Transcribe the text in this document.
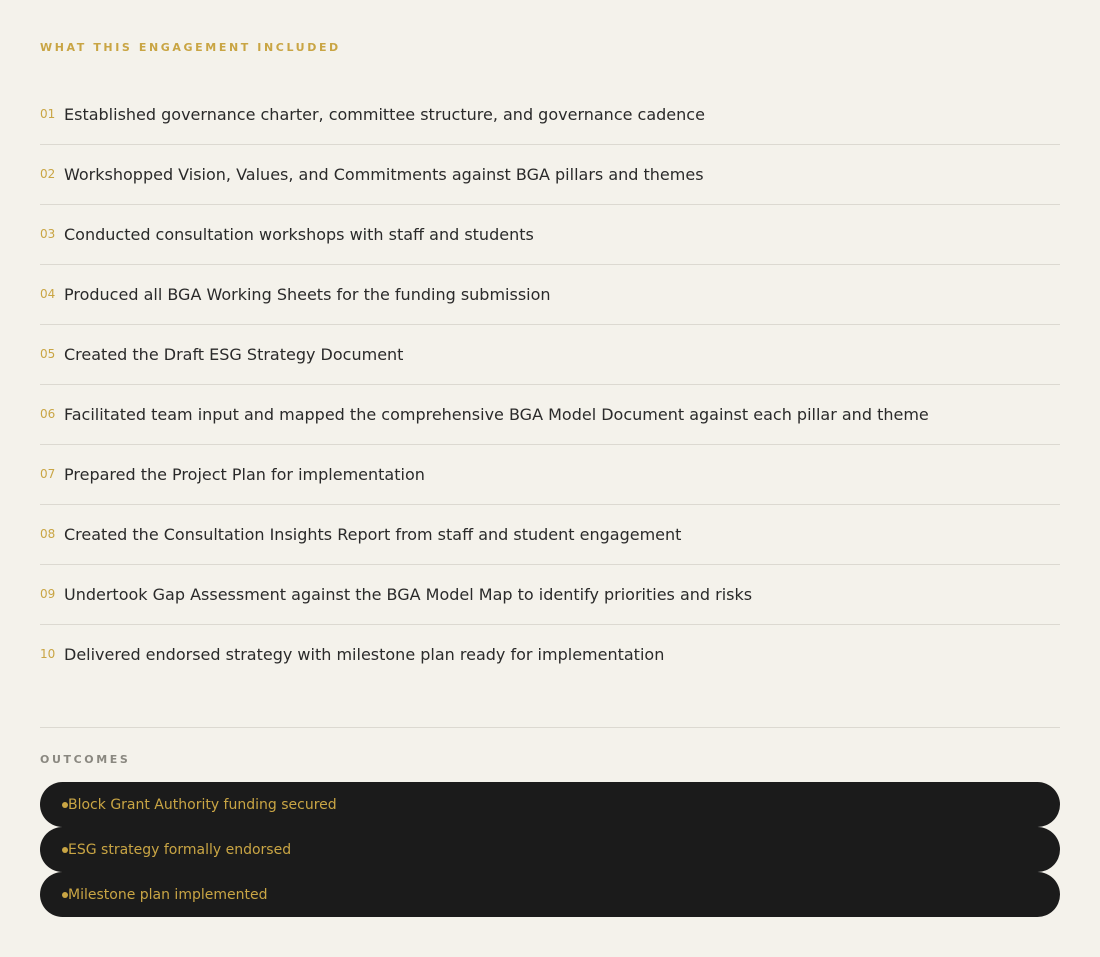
WHAT THIS ENGAGEMENT INCLUDED
01 Established governance charter, committee structure, and governance cadence
02 Workshopped Vision, Values, and Commitments against BGA pillars and themes
03 Conducted consultation workshops with staff and students
04 Produced all BGA Working Sheets for the funding submission
05 Created the Draft ESG Strategy Document
06 Facilitated team input and mapped the comprehensive BGA Model Document against each pillar and theme
07 Prepared the Project Plan for implementation
08 Created the Consultation Insights Report from staff and student engagement
09 Undertook Gap Assessment against the BGA Model Map to identify priorities and risks
10 Delivered endorsed strategy with milestone plan ready for implementation
OUTCOMES
Block Grant Authority funding secured
ESG strategy formally endorsed
Milestone plan implemented
